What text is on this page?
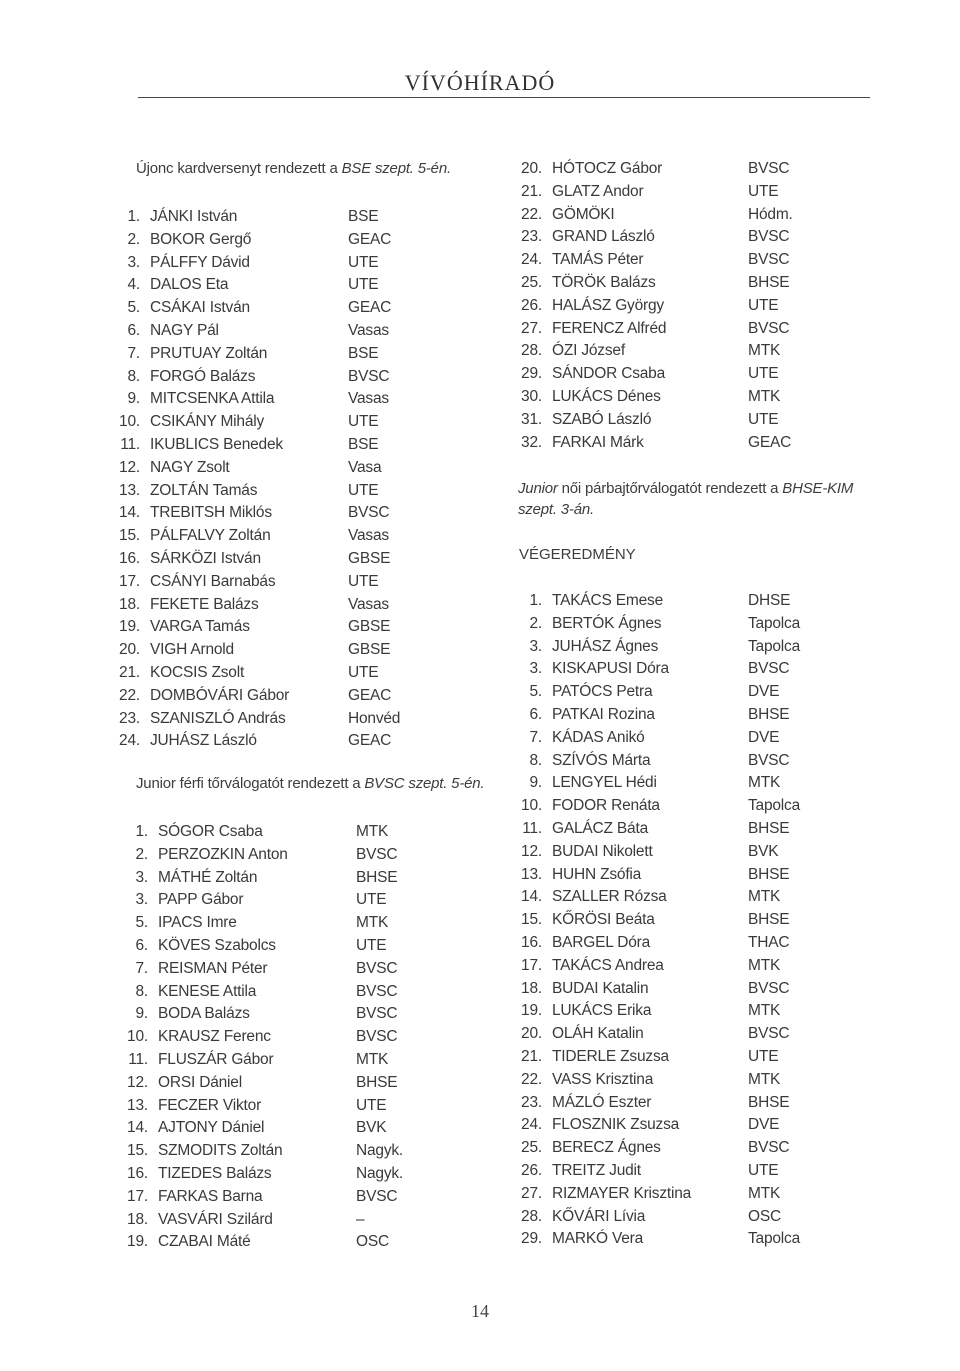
VÍVÓHÍRADÓ
Újonc kardversenyt rendezett a BSE szept. 5-én.
1. JÁNKI István	BSE
2. BOKOR Gergő	GEAC
3. PÁLFFY Dávid	UTE
4. DALOS Eta	UTE
5. CSÁKAI István	GEAC
6. NAGY Pál	Vasas
7. PRUTUAY Zoltán	BSE
8. FORGÓ Balázs	BVSC
9. MITCSENKA Attila	Vasas
10. CSIKÁNY Mihály	UTE
11. IKUBLICS Benedek	BSE
12. NAGY Zsolt	Vasa
13. ZOLTÁN Tamás	UTE
14. TREBITSH Miklós	BVSC
15. PÁLFALVY Zoltán	Vasas
16. SÁRKÖZI István	GBSE
17. CSÁNYI Barnabás	UTE
18. FEKETE Balázs	Vasas
19. VARGA Tamás	GBSE
20. VIGH Arnold	GBSE
21. KOCSIS Zsolt	UTE
22. DOMBÓVÁRI Gábor	GEAC
23. SZANISZLÓ András	Honvéd
24. JUHÁSZ László	GEAC
Junior férfi tőrválogatót rendezett a BVSC szept. 5-én.
1. SÓGOR Csaba	MTK
2. PERZOZKIN Anton	BVSC
3. MÁTHÉ Zoltán	BHSE
3. PAPP Gábor	UTE
5. IPACS Imre	MTK
6. KÖVES Szabolcs	UTE
7. REISMAN Péter	BVSC
8. KENESE Attila	BVSC
9. BODA Balázs	BVSC
10. KRAUSZ Ferenc	BVSC
11. FLUSZÁR Gábor	MTK
12. ORSI Dániel	BHSE
13. FECZER Viktor	UTE
14. AJTONY Dániel	BVK
15. SZMODITS Zoltán	Nagyk.
16. TIZEDES Balázs	Nagyk.
17. FARKAS Barna	BVSC
18. VASVÁRI Szilárd	–
19. CZABAI Máté	OSC
20. HÓTOCZ Gábor	BVSC
21. GLATZ Andor	UTE
22. GÖMÖKI	Hódm.
23. GRAND László	BVSC
24. TAMÁS Péter	BVSC
25. TÖRÖK Balázs	BHSE
26. HALÁSZ György	UTE
27. FERENCZ Alfréd	BVSC
28. ÓZI József	MTK
29. SÁNDOR Csaba	UTE
30. LUKÁCS Dénes	MTK
31. SZABÓ László	UTE
32. FARKAI Márk	GEAC
Junior női párbajtőrválogatót rendezett a BHSE-KIM
szept. 3-án.
VÉGEREDMÉNY
1. TAKÁCS Emese	DHSE
2. BERTÓK Ágnes	Tapolca
3. JUHÁSZ Ágnes	Tapolca
3. KISKAPUSI Dóra	BVSC
5. PATÓCS Petra	DVE
6. PATKAI Rozina	BHSE
7. KÁDAS Anikó	DVE
8. SZÍVÓS Márta	BVSC
9. LENGYEL Hédi	MTK
10. FODOR Renáta	Tapolca
11. GALÁCZ Báta	BHSE
12. BUDAI Nikolett	BVK
13. HUHN Zsófia	BHSE
14. SZALLER Rózsa	MTK
15. KŐRÖSI Beáta	BHSE
16. BARGEL Dóra	THAC
17. TAKÁCS Andrea	MTK
18. BUDAI Katalin	BVSC
19. LUKÁCS Erika	MTK
20. OLÁH Katalin	BVSC
21. TIDERLE Zsuzsa	UTE
22. VASS Krisztina	MTK
23. MÁZLÓ Eszter	BHSE
24. FLOSZNIK Zsuzsa	DVE
25. BERECZ Ágnes	BVSC
26. TREITZ Judit	UTE
27. RIZMAYER Krisztina	MTK
28. KŐVÁRI Lívia	OSC
29. MARKÓ Vera	Tapolca
14
